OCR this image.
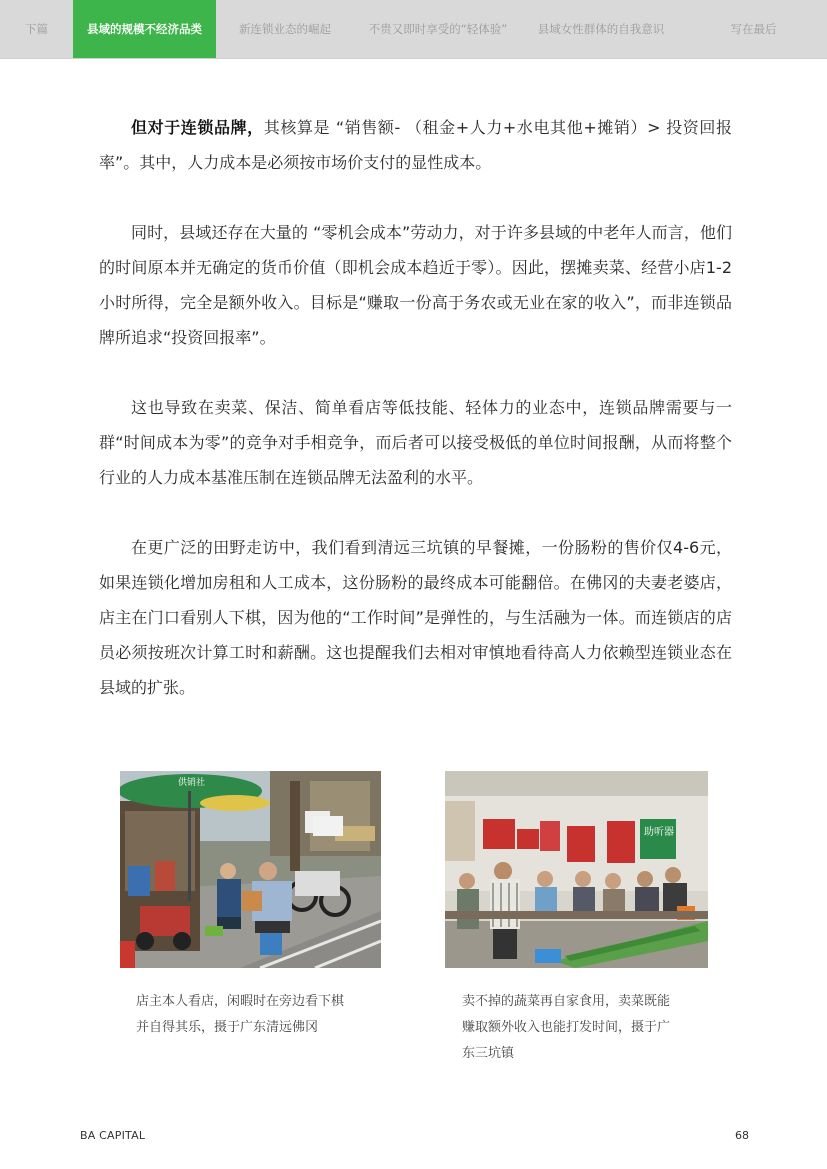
下篇	县域的规模不经济品类	新连锁业态的崛起	不贵又即时享受的“轻体验”	县域女性群体的自我意识	写在最后

但对于连锁品牌，其核算是 “销售额- （租金+人力+水电其他+摊销）> 投资回报率”。其中，人力成本是必须按市场价支付的显性成本。

同时，县域还存在大量的 “零机会成本”劳动力，对于许多县域的中老年人而言，他们的时间原本并无确定的货币价值（即机会成本趋近于零）。因此，摆摊卖菜、经营小店1-2小时所得，完全是额外收入。目标是“赚取一份高于务农或无业在家的收入”，而非连锁品牌所追求“投资回报率”。

这也导致在卖菜、保洁、简单看店等低技能、轻体力的业态中，连锁品牌需要与一群“时间成本为零”的竞争对手相竞争，而后者可以接受极低的单位时间报酬，从而将整个行业的人力成本基准压制在连锁品牌无法盈利的水平。

在更广泛的田野走访中，我们看到清远三坑镇的早餐摊，一份肠粉的售价仅4-6元，如果连锁化增加房租和人工成本，这份肠粉的最终成本可能翻倍。在佛冈的夫妻老婆店，店主在门口看别人下棋，因为他的“工作时间”是弹性的，与生活融为一体。而连锁店的店员必须按班次计算工时和薪酬。这也提醒我们去相对审慎地看待高人力依赖型连锁业态在县域的扩张。

供销社
助听器
店主本人看店，闲暇时在旁边看下棋
并自得其乐，摄于广东清远佛冈
卖不掉的蔬菜再自家食用，卖菜既能
赚取额外收入也能打发时间，摄于广
东三坑镇
BA CAPITAL	68
